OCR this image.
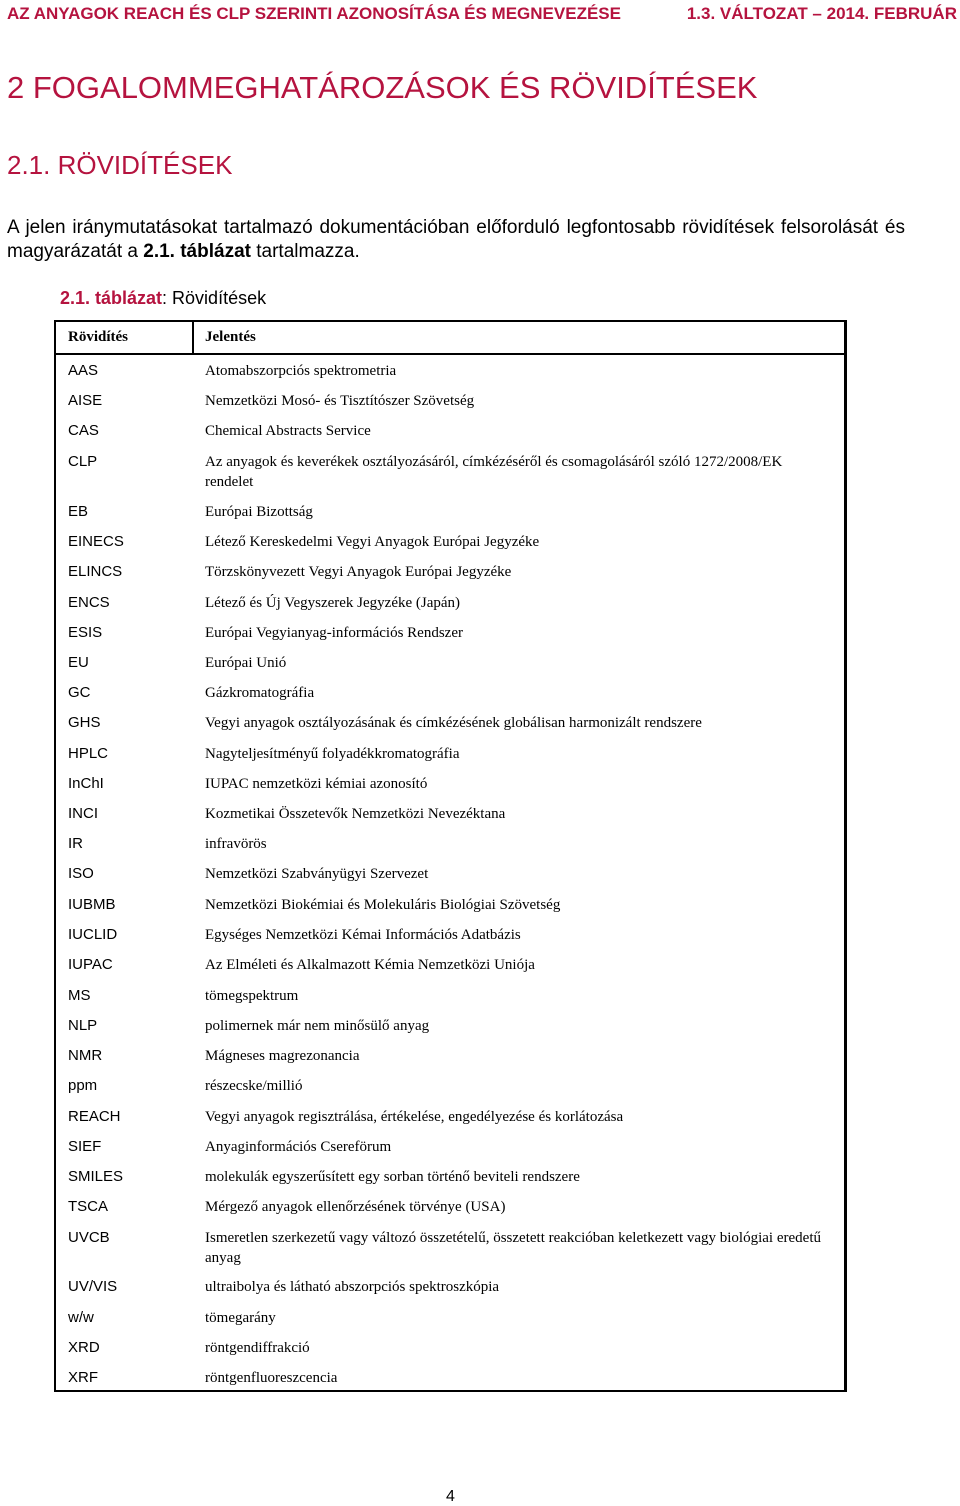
AZ ANYAGOK REACH ÉS CLP SZERINTI AZONOSÍTÁSA ÉS MEGNEVEZÉSE	1.3. VÁLTOZAT – 2014. FEBRUÁR
2 FOGALOMMEGHATÁROZÁSOK ÉS RÖVIDÍTÉSEK
2.1. RÖVIDÍTÉSEK

A jelen iránymutatásokat tartalmazó dokumentációban előforduló legfontosabb rövidítések felsorolását és magyarázatát a 2.1. táblázat tartalmazza.

2.1. táblázat: Rövidítések
Rövidítés	Jelentés
AAS	Atomabszorpciós spektrometria
AISE	Nemzetközi Mosó- és Tisztítószer Szövetség
CAS	Chemical Abstracts Service
CLP	Az anyagok és keverékek osztályozásáról, címkézéséről és csomagolásáról szóló 1272/2008/EK rendelet
EB	Európai Bizottság
EINECS	Létező Kereskedelmi Vegyi Anyagok Európai Jegyzéke
ELINCS	Törzskönyvezett Vegyi Anyagok Európai Jegyzéke
ENCS	Létező és Új Vegyszerek Jegyzéke (Japán)
ESIS	Európai Vegyianyag-információs Rendszer
EU	Európai Unió
GC	Gázkromatográfia
GHS	Vegyi anyagok osztályozásának és címkézésének globálisan harmonizált rendszere
HPLC	Nagyteljesítményű folyadékkromatográfia
InChI	IUPAC nemzetközi kémiai azonosító
INCI	Kozmetikai Összetevők Nemzetközi Nevezéktana
IR	infravörös
ISO	Nemzetközi Szabványügyi Szervezet
IUBMB	Nemzetközi Biokémiai és Molekuláris Biológiai Szövetség
IUCLID	Egységes Nemzetközi Kémai Információs Adatbázis
IUPAC	Az Elméleti és Alkalmazott Kémia Nemzetközi Uniója
MS	tömegspektrum
NLP	polimernek már nem minősülő anyag
NMR	Mágneses magrezonancia
ppm	részecske/millió
REACH	Vegyi anyagok regisztrálása, értékelése, engedélyezése és korlátozása
SIEF	Anyaginformációs Csereförum
SMILES	molekulák egyszerűsített egy sorban történő beviteli rendszere
TSCA	Mérgező anyagok ellenőrzésének törvénye (USA)
UVCB	Ismeretlen szerkezetű vagy változó összetételű, összetett reakcióban keletkezett vagy biológiai eredetű anyag
UV/VIS	ultraibolya és látható abszorpciós spektroszkópia
w/w	tömegarány
XRD	röntgendiffrakció
XRF	röntgenfluoreszcencia
4
